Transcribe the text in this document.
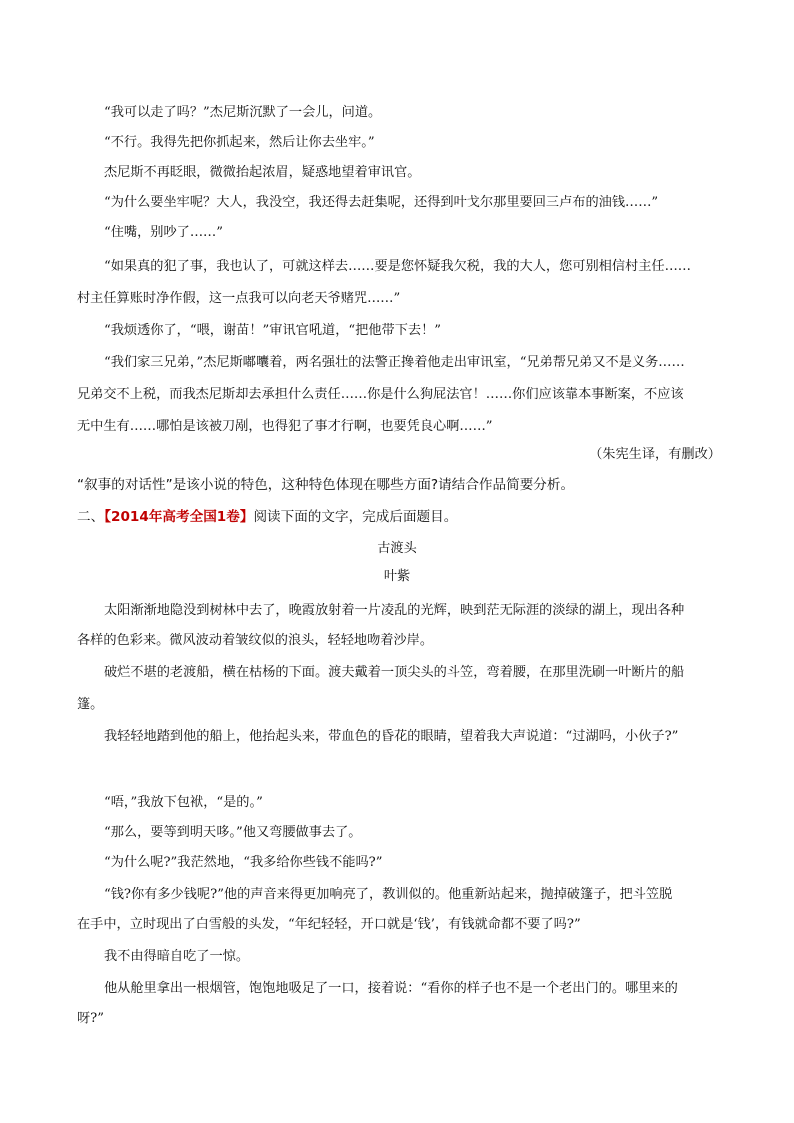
“我可以走了吗？”杰尼斯沉默了一会儿，问道。

“不行。我得先把你抓起来，然后让你去坐牢。”

杰尼斯不再眨眼，微微抬起浓眉，疑惑地望着审讯官。

“为什么要坐牢呢？大人，我没空，我还得去赶集呢，还得到叶戈尔那里要回三卢布的油钱……”

“住嘴，别吵了……”

“如果真的犯了事，我也认了，可就这样去……要是您怀疑我欠税，我的大人，您可别相信村主任……

村主任算账时净作假，这一点我可以向老天爷赌咒……”

“我烦透你了，“喂，谢苗！”审讯官吼道，“把他带下去！”

“我们家三兄弟，”杰尼斯嘟囔着，两名强壮的法警正搀着他走出审讯室，“兄弟帮兄弟又不是义务……

兄弟交不上税，而我杰尼斯却去承担什么责任……你是什么狗屁法官！……你们应该靠本事断案，不应该

无中生有……哪怕是该被刀剐，也得犯了事才行啊，也要凭良心啊……”

（朱宪生译，有删改）
“叙事的对话性”是该小说的特色，这种特色体现在哪些方面?请结合作品简要分析。
二、【2014年高考全国1卷】阅读下面的文字，完成后面题目。
古渡头
叶紫

太阳渐渐地隐没到树林中去了，晚霞放射着一片凌乱的光辉，映到茫无际涯的淡绿的湖上，现出各种

各样的色彩来。微风波动着皱纹似的浪头，轻轻地吻着沙岸。

破烂不堪的老渡船，横在枯杨的下面。渡夫戴着一顶尖头的斗笠，弯着腰，在那里洗刷一叶断片的船

篷。

我轻轻地踏到他的船上，他抬起头来，带血色的昏花的眼睛，望着我大声说道：“过湖吗，小伙子?”

“唔，”我放下包袱，“是的。”

“那么，要等到明天哆。”他又弯腰做事去了。

“为什么呢?”我茫然地，“我多给你些钱不能吗?”

“钱?你有多少钱呢?”他的声音来得更加响亮了，教训似的。他重新站起来，抛掉破篷子，把斗笠脱

在手中，立时现出了白雪般的头发，“年纪轻轻，开口就是‘钱’，有钱就命都不要了吗?”

我不由得暗自吃了一惊。

他从舱里拿出一根烟管，饱饱地吸足了一口，接着说：“看你的样子也不是一个老出门的。哪里来的

呀?”
